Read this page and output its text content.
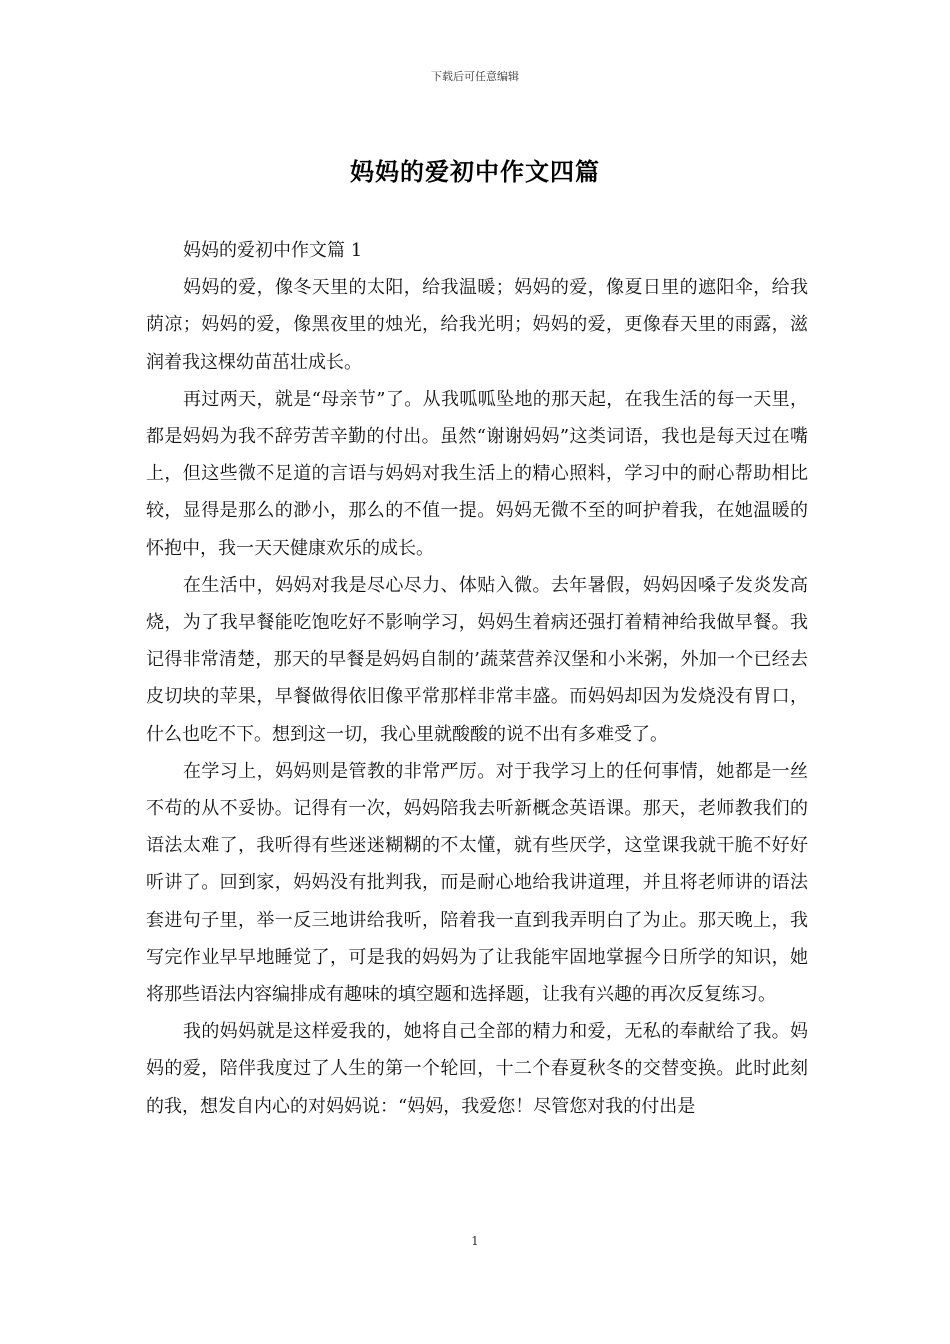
下载后可任意编辑
妈妈的爱初中作文四篇

妈妈的爱初中作文篇 1

妈妈的爱，像冬天里的太阳，给我温暖；妈妈的爱，像夏日里的遮阳伞，给我荫凉；妈妈的爱，像黑夜里的烛光，给我光明；妈妈的爱，更像春天里的雨露，滋润着我这棵幼苗茁壮成长。

再过两天，就是“母亲节”了。从我呱呱坠地的那天起，在我生活的每一天里，都是妈妈为我不辞劳苦辛勤的付出。虽然“谢谢妈妈”这类词语，我也是每天过在嘴上，但这些微不足道的言语与妈妈对我生活上的精心照料，学习中的耐心帮助相比较，显得是那么的渺小，那么的不值一提。妈妈无微不至的呵护着我，在她温暖的怀抱中，我一天天健康欢乐的成长。

在生活中，妈妈对我是尽心尽力、体贴入微。去年暑假，妈妈因嗓子发炎发高烧，为了我早餐能吃饱吃好不影响学习，妈妈生着病还强打着精神给我做早餐。我记得非常清楚，那天的早餐是妈妈自制的’蔬菜营养汉堡和小米粥，外加一个已经去皮切块的苹果，早餐做得依旧像平常那样非常丰盛。而妈妈却因为发烧没有胃口，什么也吃不下。想到这一切，我心里就酸酸的说不出有多难受了。

在学习上，妈妈则是管教的非常严厉。对于我学习上的任何事情，她都是一丝不苟的从不妥协。记得有一次，妈妈陪我去听新概念英语课。那天，老师教我们的语法太难了，我听得有些迷迷糊糊的不太懂，就有些厌学，这堂课我就干脆不好好听讲了。回到家，妈妈没有批判我，而是耐心地给我讲道理，并且将老师讲的语法套进句子里，举一反三地讲给我听，陪着我一直到我弄明白了为止。那天晚上，我写完作业早早地睡觉了，可是我的妈妈为了让我能牢固地掌握今日所学的知识，她将那些语法内容编排成有趣味的填空题和选择题，让我有兴趣的再次反复练习。

我的妈妈就是这样爱我的，她将自己全部的精力和爱，无私的奉献给了我。妈妈的爱，陪伴我度过了人生的第一个轮回，十二个春夏秋冬的交替变换。此时此刻的我，想发自内心的对妈妈说：“妈妈，我爱您！尽管您对我的付出是

1
